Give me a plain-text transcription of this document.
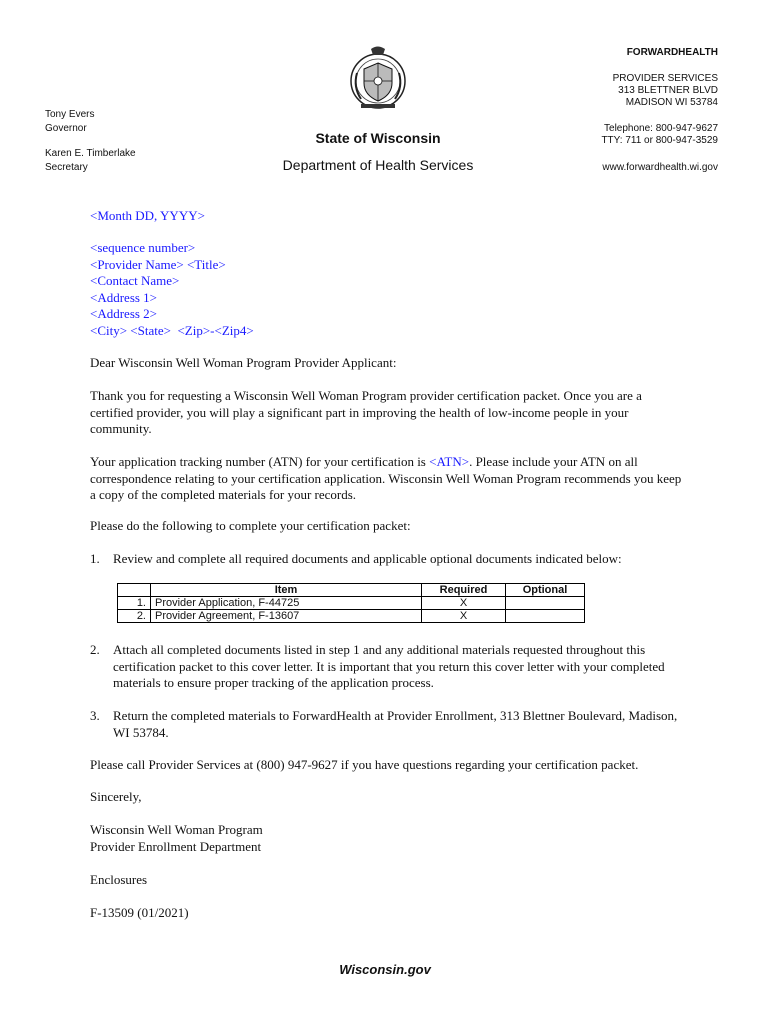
FORWARDHEALTH
PROVIDER SERVICES
313 BLETTNER BLVD
MADISON WI 53784
Telephone: 800-947-9627
TTY: 711 or 800-947-3529
www.forwardhealth.wi.gov
Tony Evers
Governor
Karen E. Timberlake
Secretary
State of Wisconsin
Department of Health Services
<Month DD, YYYY>
<sequence number>
<Provider Name> <Title>
<Contact Name>
<Address 1>
<Address 2>
<City> <State>  <Zip>-<Zip4>
Dear Wisconsin Well Woman Program Provider Applicant:
Thank you for requesting a Wisconsin Well Woman Program provider certification packet. Once you are a certified provider, you will play a significant part in improving the health of low-income people in your community.
Your application tracking number (ATN) for your certification is <ATN>. Please include your ATN on all correspondence relating to your certification application. Wisconsin Well Woman Program recommends you keep a copy of the completed materials for your records.
Please do the following to complete your certification packet:
1.	Review and complete all required documents and applicable optional documents indicated below:
	Item	Required	Optional
1.	Provider Application, F-44725	X	
2.	Provider Agreement, F-13607	X	
2.	Attach all completed documents listed in step 1 and any additional materials requested throughout this certification packet to this cover letter. It is important that you return this cover letter with your completed materials to ensure proper tracking of the application process.
3.	Return the completed materials to ForwardHealth at Provider Enrollment, 313 Blettner Boulevard, Madison, WI 53784.
Please call Provider Services at (800) 947-9627 if you have questions regarding your certification packet.
Sincerely,
Wisconsin Well Woman Program
Provider Enrollment Department
Enclosures
F-13509 (01/2021)
Wisconsin.gov
